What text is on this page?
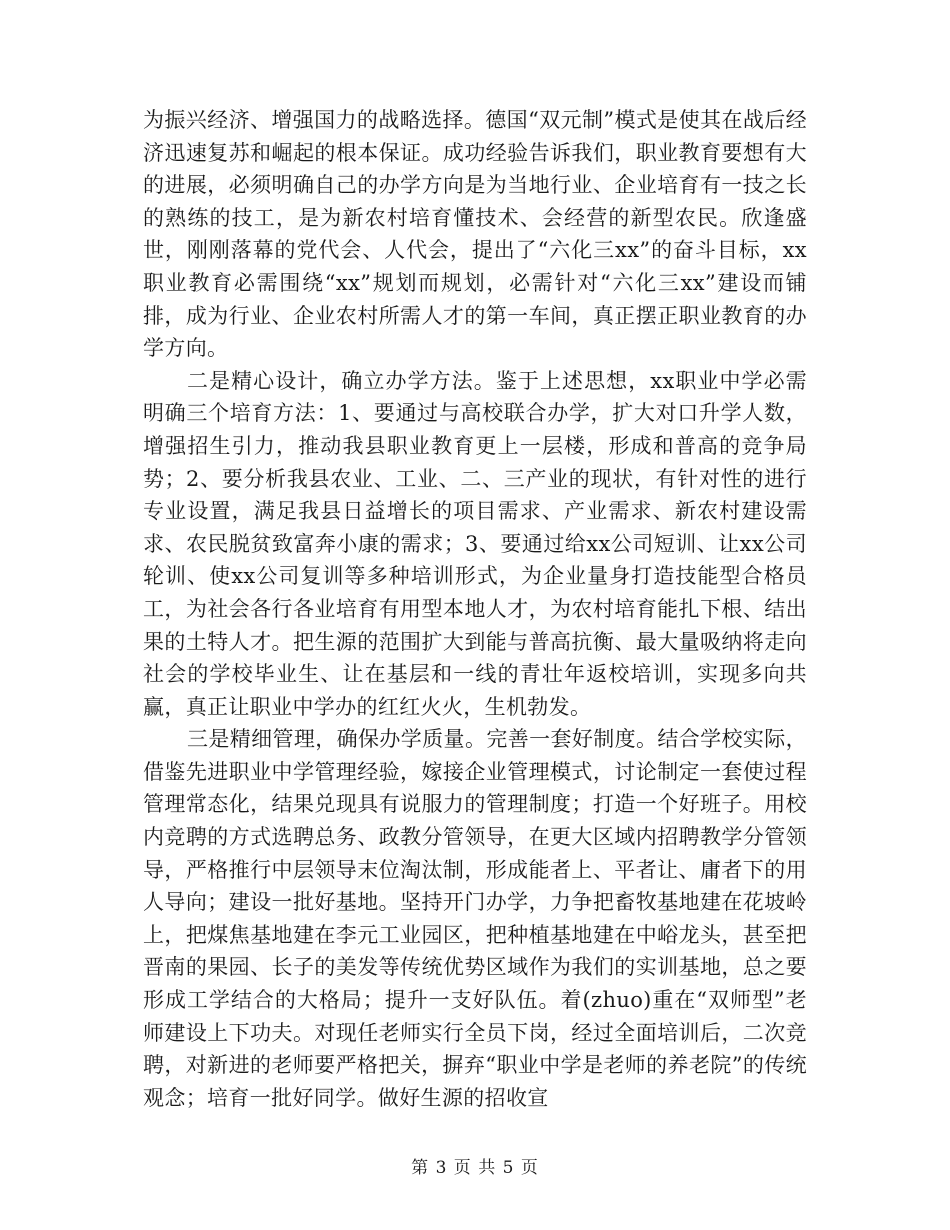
为振兴经济、增强国力的战略选择。德国“双元制”模式是使其在战后经济迅速复苏和崛起的根本保证。成功经验告诉我们，职业教育要想有大的进展，必须明确自己的办学方向是为当地行业、企业培育有一技之长的熟练的技工，是为新农村培育懂技术、会经营的新型农民。欣逢盛世，刚刚落幕的党代会、人代会，提出了“六化三xx”的奋斗目标，xx职业教育必需围绕“xx”规划而规划，必需针对“六化三xx”建设而铺排，成为行业、企业农村所需人才的第一车间，真正摆正职业教育的办学方向。

二是精心设计，确立办学方法。鉴于上述思想，xx职业中学必需明确三个培育方法：1、要通过与高校联合办学，扩大对口升学人数，增强招生引力，推动我县职业教育更上一层楼，形成和普高的竞争局势；2、要分析我县农业、工业、二、三产业的现状，有针对性的进行专业设置，满足我县日益增长的项目需求、产业需求、新农村建设需求、农民脱贫致富奔小康的需求；3、要通过给xx公司短训、让xx公司轮训、使xx公司复训等多种培训形式，为企业量身打造技能型合格员工，为社会各行各业培育有用型本地人才，为农村培育能扎下根、结出果的土特人才。把生源的范围扩大到能与普高抗衡、最大量吸纳将走向社会的学校毕业生、让在基层和一线的青壮年返校培训，实现多向共赢，真正让职业中学办的红红火火，生机勃发。

三是精细管理，确保办学质量。完善一套好制度。结合学校实际，借鉴先进职业中学管理经验，嫁接企业管理模式，讨论制定一套使过程管理常态化，结果兑现具有说服力的管理制度；打造一个好班子。用校内竞聘的方式选聘总务、政教分管领导，在更大区域内招聘教学分管领导，严格推行中层领导末位淘汰制，形成能者上、平者让、庸者下的用人导向；建设一批好基地。坚持开门办学，力争把畜牧基地建在花坡岭上，把煤焦基地建在李元工业园区，把种植基地建在中峪龙头，甚至把晋南的果园、长子的美发等传统优势区域作为我们的实训基地，总之要形成工学结合的大格局；提升一支好队伍。着(zhuo)重在“双师型”老师建设上下功夫。对现任老师实行全员下岗，经过全面培训后，二次竞聘，对新进的老师要严格把关，摒弃“职业中学是老师的养老院”的传统观念；培育一批好同学。做好生源的招收宣

第 3 页 共 5 页
